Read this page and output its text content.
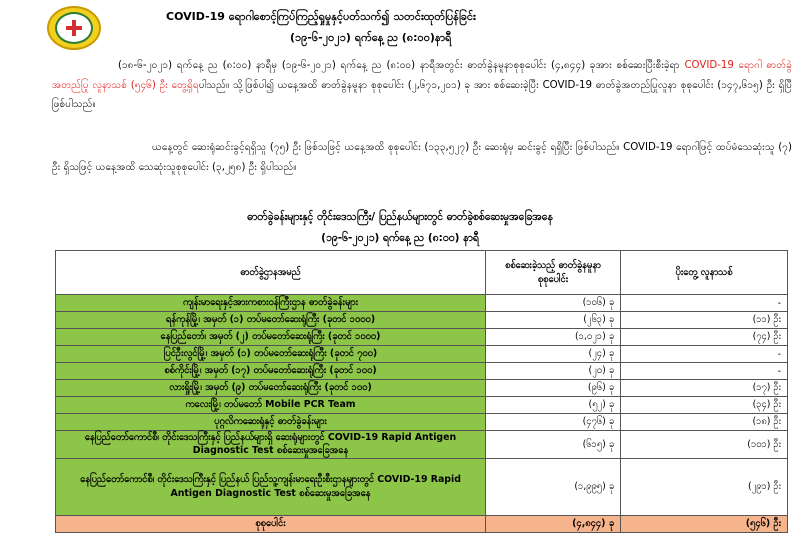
COVID-19 ရောဂါစောင့်ကြပ်ကြည့်ရှုမှုနှင့်ပတ်သက်၍ သတင်းထုတ်ပြန်ခြင်း
(၁၉-၆-၂၀၂၁) ရက်နေ့ ည (၈:၀၀)နာရီ
(၁၈-၆-၂၀၂၁) ရက်နေ့ ည (၈:၀၀) နာရီမှ (၁၉-၆-၂၀၂၁) ရက်နေ့ ည (၈:၀၀) နာရီအတွင်း ဓာတ်ခွဲနမူနာစုစုပေါင်း (၄,၈၄၄) ခုအား စစ်ဆေးပြီးစီးခဲ့ရာ COVID-19 ရောဂါ ဓာတ်ခွဲအတည်ပြု လူနာသစ် (၅၄၆) ဦး တွေ့ရှိရပါသည်။ သို့ဖြစ်ပါ၍ ယနေ့အထိ ဓာတ်ခွဲနမူနာ စုစုပေါင်း (၂,၆၇၁,၂၀၁) ခု အား စစ်ဆေးခဲ့ပြီး COVID-19 ဓာတ်ခွဲအတည်ပြုလူနာ စုစုပေါင်း (၁၄၇,၆၁၅) ဦး ရှိပြီ ဖြစ်ပါသည်။
ယနေ့တွင် ဆေးရုံဆင်းခွင့်ရရှိသူ (၇၅) ဦး ဖြစ်သဖြင့် ယနေ့အထိ စုစုပေါင်း (၁၃၃,၅၂၇) ဦး ဆေးရုံမှ ဆင်းခွင့် ရရှိပြီး ဖြစ်ပါသည်။ COVID-19 ရောဂါဖြင့် ထပ်မံသေဆုံးသူ (၇) ဦး ရှိသဖြင့် ယနေ့အထိ သေဆုံးသူစုစုပေါင်း (၃,၂၅၈) ဦး ရှိပါသည်။
ဓာတ်ခွဲခန်းများနှင့် တိုင်းဒေသကြီး/ ပြည်နယ်များတွင် ဓာတ်ခွဲစစ်ဆေးမှုအခြေအနေ
(၁၉-၆-၂၀၂၁) ရက်နေ့ ည (၈:၀၀) နာရီ
ဓာတ်ခွဲဌာနအမည်	စစ်ဆေးခဲ့သည့် ဓာတ်ခွဲနမူနာ စုစုပေါင်း	ပိုးတွေ့ လူနာသစ်
ကျန်းမာရေးနှင့်အားကစားဝန်ကြီးဌာန ဓာတ်ခွဲခန်းများ	(၁၀၆) ခု	-
ရန်ကုန်မြို့၊ အမှတ် (၁) တပ်မတော်ဆေးရုံကြီး (ခုတင် ၁၀၀၀)	(၂၆၃) ခု	(၁၁) ဦး
နေပြည်တော်၊ အမှတ် (၂) တပ်မတော်ဆေးရုံကြီး (ခုတင် ၁၀၀၀)	(၁,၀၂၁) ခု	(၇၄) ဦး
ပြင်ဦးလွင်မြို့၊ အမှတ် (၁) တပ်မတော်ဆေးရုံကြီး (ခုတင် ၇၀၀)	(၂၄) ခု	-
စစ်ကိုင်းမြို့၊ အမှတ် (၁၇) တပ်မတော်ဆေးရုံကြီး (ခုတင် ၁၀၀)	(၂၀) ခု	-
လားရှိုးမြို့၊ အမှတ် (၉) တပ်မတော်ဆေးရုံကြီး (ခုတင် ၁၀၀)	(၉၆) ခု	(၁၇) ဦး
ကလေးမြို့၊ တပ်မတော် Mobile PCR Team	(၅၂) ခု	(၃၄) ဦး
ပုဂ္ဂလိကဆေးရုံနှင့် ဓာတ်ခွဲခန်းများ	(၄၇၆) ခု	(၁၈) ဦး
နေပြည်တော်ကောင်စီ၊ တိုင်းဒေသကြီးနှင့် ပြည်နယ်များရှိ ဆေးရုံများတွင် COVID-19 Rapid Antigen Diagnostic Test စစ်ဆေးမှုအခြေအနေ	(၆၁၅) ခု	(၁၀၁) ဦး
နေပြည်တော်ကောင်စီ၊ တိုင်းဒေသကြီးနှင့် ပြည်နယ် ပြည်သူ့ကျန်းမာရေးဦးစီးဌာနများတွင် COVID-19 Rapid Antigen Diagnostic Test စစ်ဆေးမှုအခြေအနေ	(၁,၉၉၅) ခု	(၂၉၁) ဦး
စုစုပေါင်း	(၄,၈၄၄) ခု	(၅၄၆) ဦး
